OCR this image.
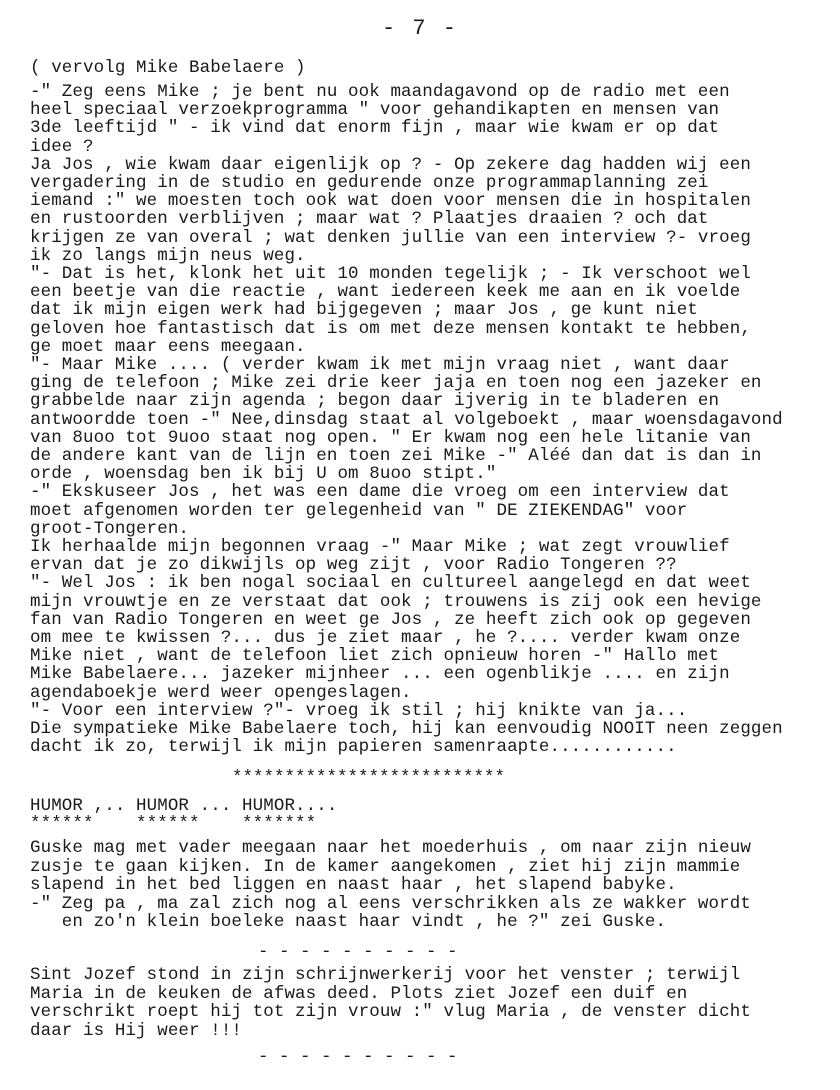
- 7 -
( vervolg Mike Babelaere )
-" Zeg eens Mike ; je bent nu ook maandagavond op de radio met een
heel speciaal verzoekprogramma " voor gehandikapten en mensen van
3de leeftijd " - ik vind dat enorm fijn , maar wie kwam er op dat
idee ?
Ja Jos , wie kwam daar eigenlijk op ? - Op zekere dag hadden wij een
vergadering in de studio en gedurende onze programmaplanning zei
iemand :" we moesten toch ook wat doen voor mensen die in hospitalen
en rustoorden verblijven ; maar wat ? Plaatjes draaien ? och dat
krijgen ze van overal ; wat denken jullie van een interview ?- vroeg
ik zo langs mijn neus weg.
"- Dat is het, klonk het uit 10 monden tegelijk ; - Ik verschoot wel
een beetje van die reactie , want iedereen keek me aan en ik voelde
dat ik mijn eigen werk had bijgegeven ; maar Jos , ge kunt niet
geloven hoe fantastisch dat is om met deze mensen kontakt te hebben,
ge moet maar eens meegaan.
"- Maar Mike .... ( verder kwam ik met mijn vraag niet , want daar
ging de telefoon ; Mike zei drie keer jaja en toen nog een jazeker en
grabbelde naar zijn agenda ; begon daar ijverig in te bladeren en
antwoordde toen -" Nee,dinsdag staat al volgeboekt , maar woensdagavond
van 8uoo tot 9uoo staat nog open. " Er kwam nog een hele litanie van
de andere kant van de lijn en toen zei Mike -" Aléé dan dat is dan in
orde , woensdag ben ik bij U om 8uoo stipt."
-" Ekskuseer Jos , het was een dame die vroeg om een interview dat
moet afgenomen worden ter gelegenheid van " DE ZIEKENDAG" voor
groot-Tongeren.
Ik herhaalde mijn begonnen vraag -" Maar Mike ; wat zegt vrouwlief
ervan dat je zo dikwijls op weg zijt , voor Radio Tongeren ??
"- Wel Jos : ik ben nogal sociaal en cultureel aangelegd en dat weet
mijn vrouwtje en ze verstaat dat ook ; trouwens is zij ook een hevige
fan van Radio Tongeren en weet ge Jos , ze heeft zich ook op gegeven
om mee te kwissen ?... dus je ziet maar , he ?.... verder kwam onze
Mike niet , want de telefoon liet zich opnieuw horen -" Hallo met
Mike Babelaere... jazeker mijnheer ... een ogenblikje .... en zijn
agendaboekje werd weer opengeslagen.
"- Voor een interview ?"- vroeg ik stil ; hij knikte van ja...
Die sympatieke Mike Babelaere toch, hij kan eenvoudig NOOIT neen zeggen
dacht ik zo, terwijl ik mijn papieren samenraapte............
**************************
HUMOR ,.. HUMOR ... HUMOR....
******    ******    *******
Guske mag met vader meegaan naar het moederhuis , om naar zijn nieuw
zusje te gaan kijken. In de kamer aangekomen , ziet hij zijn mammie
slapend in het bed liggen en naast haar , het slapend babyke.
-" Zeg pa , ma zal zich nog al eens verschrikken als ze wakker wordt
en zo'n klein boeleke naast haar vindt , he ?" zei Guske.
- - - - - - - - - -
Sint Jozef stond in zijn schrijnwerkerij voor het venster ; terwijl
Maria in de keuken de afwas deed. Plots ziet Jozef een duif en
verschrikt roept hij tot zijn vrouw :" vlug Maria , de venster dicht
daar is Hij weer !!!
- - - - - - - - - -
